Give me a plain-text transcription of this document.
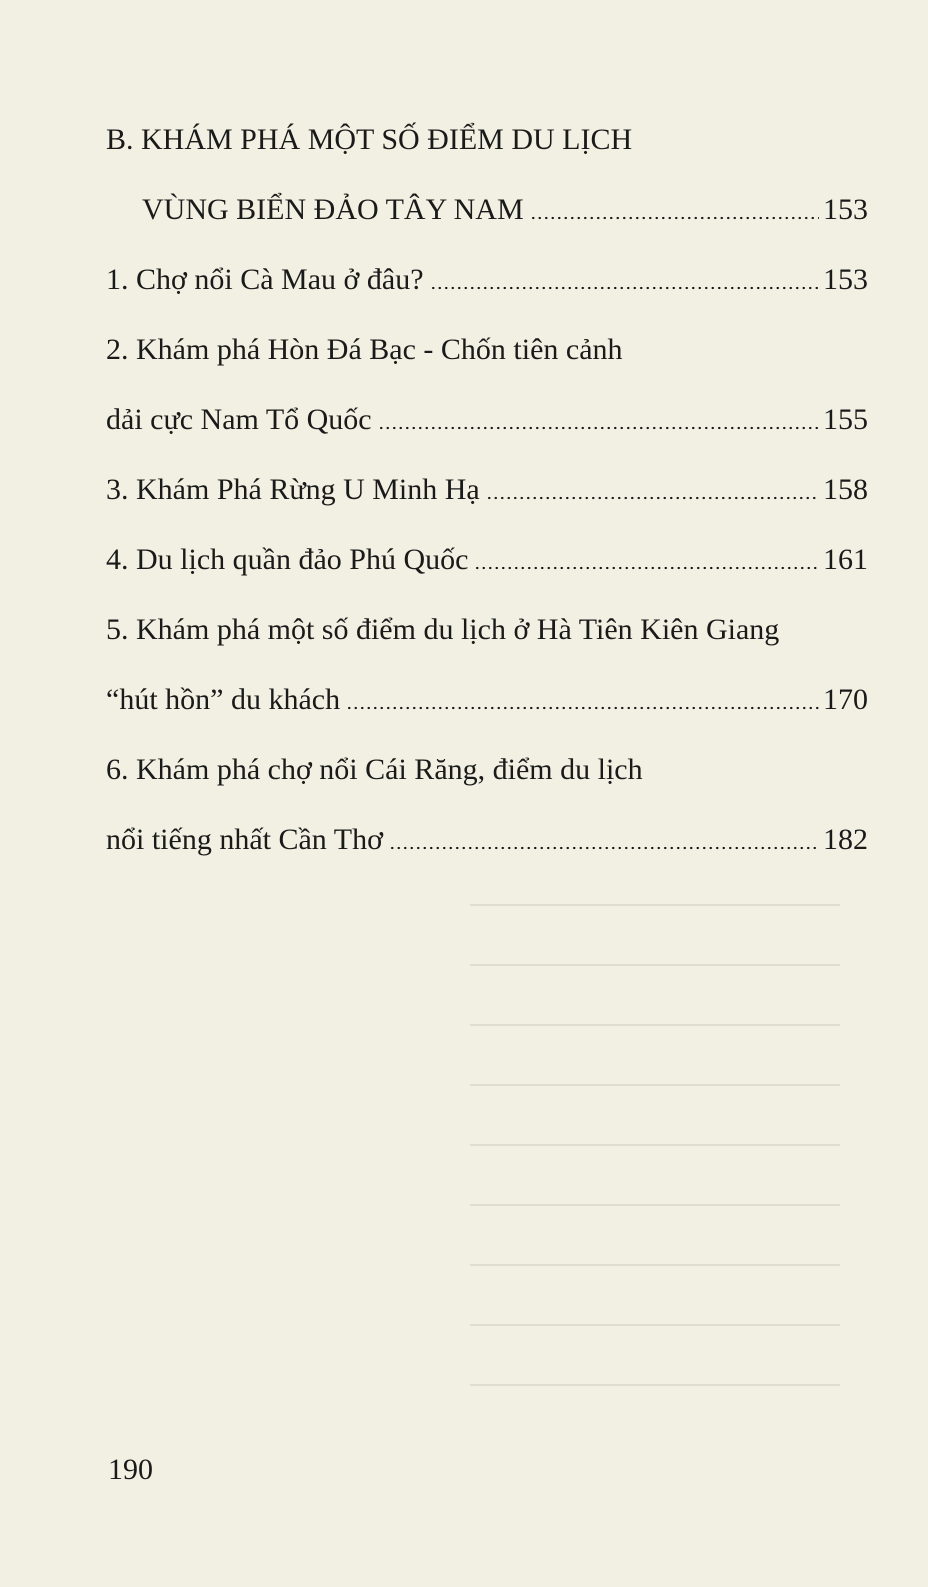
B. KHÁM PHÁ MỘT SỐ ĐIỂM DU LỊCH
VÙNG BIỂN ĐẢO TÂY NAM	153
1. Chợ nổi Cà Mau ở đâu?	153
2. Khám phá Hòn Đá Bạc - Chốn tiên cảnh
dải cực Nam Tổ Quốc	155
3. Khám Phá Rừng U Minh Hạ	158
4. Du lịch quần đảo Phú Quốc	161
5. Khám phá một số điểm du lịch ở Hà Tiên Kiên Giang
“hút hồn” du khách	170
6. Khám phá chợ nổi Cái Răng, điểm du lịch
nổi tiếng nhất Cần Thơ	182
190
